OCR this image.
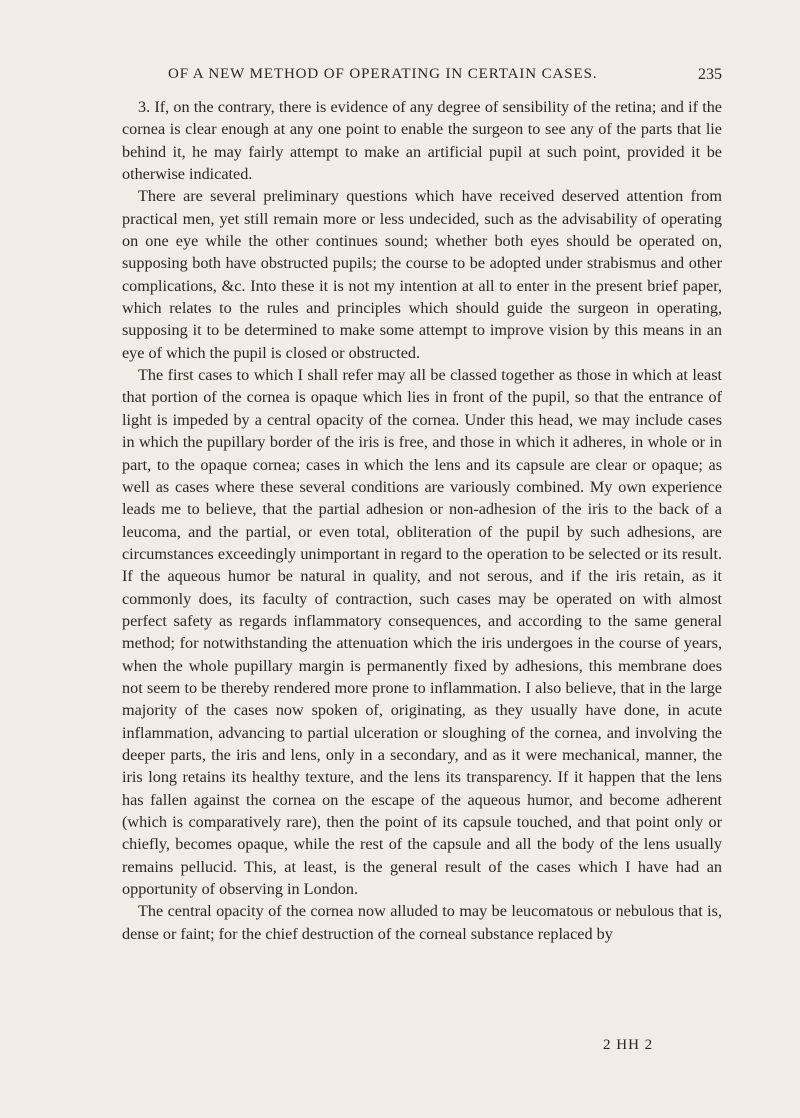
OF A NEW METHOD OF OPERATING IN CERTAIN CASES.	235

3. If, on the contrary, there is evidence of any degree of sensibility of the retina; and if the cornea is clear enough at any one point to enable the surgeon to see any of the parts that lie behind it, he may fairly attempt to make an artificial pupil at such point, provided it be otherwise indicated.

There are several preliminary questions which have received deserved attention from practical men, yet still remain more or less undecided, such as the advisability of operating on one eye while the other continues sound; whether both eyes should be operated on, supposing both have obstructed pupils; the course to be adopted under strabismus and other complications, &c. Into these it is not my intention at all to enter in the present brief paper, which relates to the rules and principles which should guide the surgeon in operating, supposing it to be determined to make some attempt to improve vision by this means in an eye of which the pupil is closed or obstructed.

The first cases to which I shall refer may all be classed together as those in which at least that portion of the cornea is opaque which lies in front of the pupil, so that the entrance of light is impeded by a central opacity of the cornea. Under this head, we may include cases in which the pupillary border of the iris is free, and those in which it adheres, in whole or in part, to the opaque cornea; cases in which the lens and its capsule are clear or opaque; as well as cases where these several conditions are variously combined. My own experience leads me to believe, that the partial adhesion or non-adhesion of the iris to the back of a leucoma, and the partial, or even total, obliteration of the pupil by such adhesions, are circumstances exceedingly unimportant in regard to the operation to be selected or its result. If the aqueous humor be natural in quality, and not serous, and if the iris retain, as it commonly does, its faculty of contraction, such cases may be operated on with almost perfect safety as regards inflammatory consequences, and according to the same general method; for notwithstanding the attenuation which the iris undergoes in the course of years, when the whole pupillary margin is permanently fixed by adhesions, this membrane does not seem to be thereby rendered more prone to inflammation. I also believe, that in the large majority of the cases now spoken of, originating, as they usually have done, in acute inflammation, advancing to partial ulceration or sloughing of the cornea, and involving the deeper parts, the iris and lens, only in a secondary, and as it were mechanical, manner, the iris long retains its healthy texture, and the lens its transparency. If it happen that the lens has fallen against the cornea on the escape of the aqueous humor, and become adherent (which is comparatively rare), then the point of its capsule touched, and that point only or chiefly, becomes opaque, while the rest of the capsule and all the body of the lens usually remains pellucid. This, at least, is the general result of the cases which I have had an opportunity of observing in London.

The central opacity of the cornea now alluded to may be leucomatous or nebulous that is, dense or faint; for the chief destruction of the corneal substance replaced by

2 HH 2
